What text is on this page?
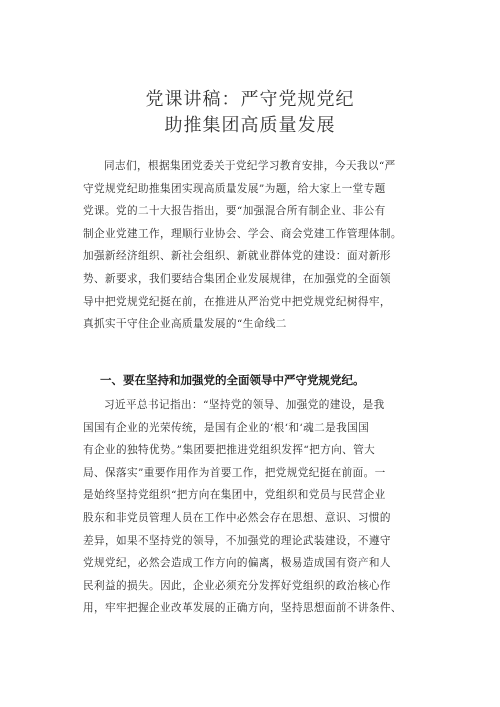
党课讲稿：严守党规党纪
助推集团高质量发展
同志们，根据集团党委关于党纪学习教育安排，今天我以“严
守党规党纪助推集团实现高质量发展”为题，给大家上一堂专题
党课。党的二十大报告指出，要“加强混合所有制企业、非公有
制企业党建工作，理顺行业协会、学会、商会党建工作管理体制。
加强新经济组织、新社会组织、新就业群体党的建设：面对新形
势、新要求，我们要结合集团企业发展规律，在加强党的全面领
导中把党规党纪挺在前，在推进从严治党中把党规党纪树得牢，
真抓实干守住企业高质量发展的“生命线二
一、要在坚持和加强党的全面领导中严守党规党纪。
习近平总书记指出：“坚持党的领导、加强党的建设，是我
国国有企业的光荣传统，是国有企业的‘根‘和‘魂二是我国国
有企业的独特优势。”集团要把推进党组织发挥“把方向、管大
局、保落实”重要作用作为首要工作，把党规党纪挺在前面。一
是始终坚持党组织“把方向在集团中，党组织和党员与民营企业
股东和非党员管理人员在工作中必然会存在思想、意识、习惯的
差异，如果不坚持党的领导，不加强党的理论武装建设，不遵守
党规党纪，必然会造成工作方向的偏离，极易造成国有资产和人
民利益的损失。因此，企业必须充分发挥好党组织的政治核心作
用，牢牢把握企业改革发展的正确方向，坚持思想面前不讲条件、
